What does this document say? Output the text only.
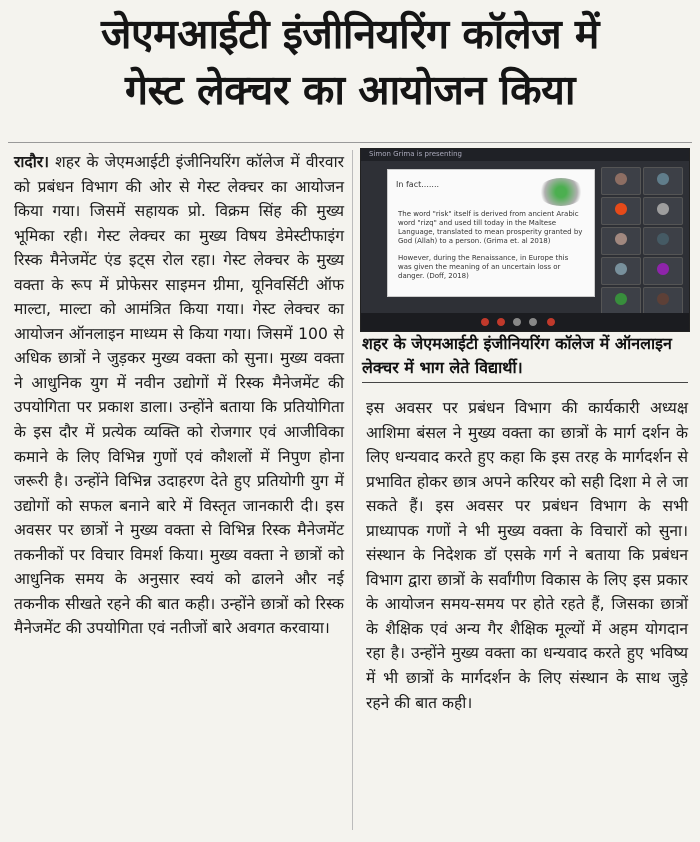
जेएमआईटी इंजीनियरिंग कॉलेज में
गेस्ट लेक्चर का आयोजन किया
रादौर। शहर के जेएमआईटी इंजीनियरिंग कॉलेज में वीरवार को प्रबंधन विभाग की ओर से गेस्ट लेक्चर का आयोजन किया गया। जिसमें सहायक प्रो. विक्रम सिंह की मुख्य भूमिका रही। गेस्ट लेक्चर का मुख्य विषय डेमेस्टीफाइंग रिस्क मैनेजमेंट एंड इट्स रोल रहा। गेस्ट लेक्चर के मुख्य वक्ता के रूप में प्रोफेसर साइमन ग्रीमा, यूनिवर्सिटी ऑफ माल्टा, माल्टा को आमंत्रित किया गया। गेस्ट लेक्चर का आयोजन ऑनलाइन माध्यम से किया गया। जिसमें 100 से अधिक छात्रों ने जुड़कर मुख्य वक्ता को सुना। मुख्य वक्ता ने आधुनिक युग में नवीन उद्योगों में रिस्क मैनेजमेंट की उपयोगिता पर प्रकाश डाला। उन्होंने बताया कि प्रतियोगिता के इस दौर में प्रत्येक व्यक्ति को रोजगार एवं आजीविका कमाने के लिए विभिन्न गुणों एवं कौशलों में निपुण होना जरूरी है। उन्होंने विभिन्न उदाहरण देते हुए प्रतियोगी युग में उद्योगों को सफल बनाने बारे में विस्तृत जानकारी दी। इस अवसर पर छात्रों ने मुख्य वक्ता से विभिन्न रिस्क मैनेजमेंट तकनीकों पर विचार विमर्श किया। मुख्य वक्ता ने छात्रों को आधुनिक समय के अनुसार स्वयं को ढालने और नई तकनीक सीखते रहने की बात कही। उन्होंने छात्रों को रिस्क मैनेजमेंट की उपयोगिता एवं नतीजों बारे अवगत करवाया।
Simon Grima is presenting
In fact.......

The word "risk" itself is derived from ancient Arabic word "rizq" and used till today in the Maltese Language, translated to mean prosperity granted by God (Allah) to a person. (Grima et. al 2018)

However, during the Renaissance, in Europe this was given the meaning of an uncertain loss or danger. (Doff, 2018)

शहर के जेएमआईटी इंजीनियरिंग कॉलेज में ऑनलाइन लेक्चर में भाग लेते विद्यार्थी।
इस अवसर पर प्रबंधन विभाग की कार्यकारी अध्यक्ष आशिमा बंसल ने मुख्य वक्ता का छात्रों के मार्ग दर्शन के लिए धन्यवाद करते हुए कहा कि इस तरह के मार्गदर्शन से प्रभावित होकर छात्र अपने करियर को सही दिशा मे ले जा सकते हैं। इस अवसर पर प्रबंधन विभाग के सभी प्राध्यापक गणों ने भी मुख्य वक्ता के विचारों को सुना। संस्थान के निदेशक डॉ एसके गर्ग ने बताया कि प्रबंधन विभाग द्वारा छात्रों के सर्वांगीण विकास के लिए इस प्रकार के आयोजन समय-समय पर होते रहते हैं, जिसका छात्रों के शैक्षिक एवं अन्य गैर शैक्षिक मूल्यों में अहम योगदान रहा है। उन्होंने मुख्य वक्ता का धन्यवाद करते हुए भविष्य में भी छात्रों के मार्गदर्शन के लिए संस्थान के साथ जुड़े रहने की बात कही।
